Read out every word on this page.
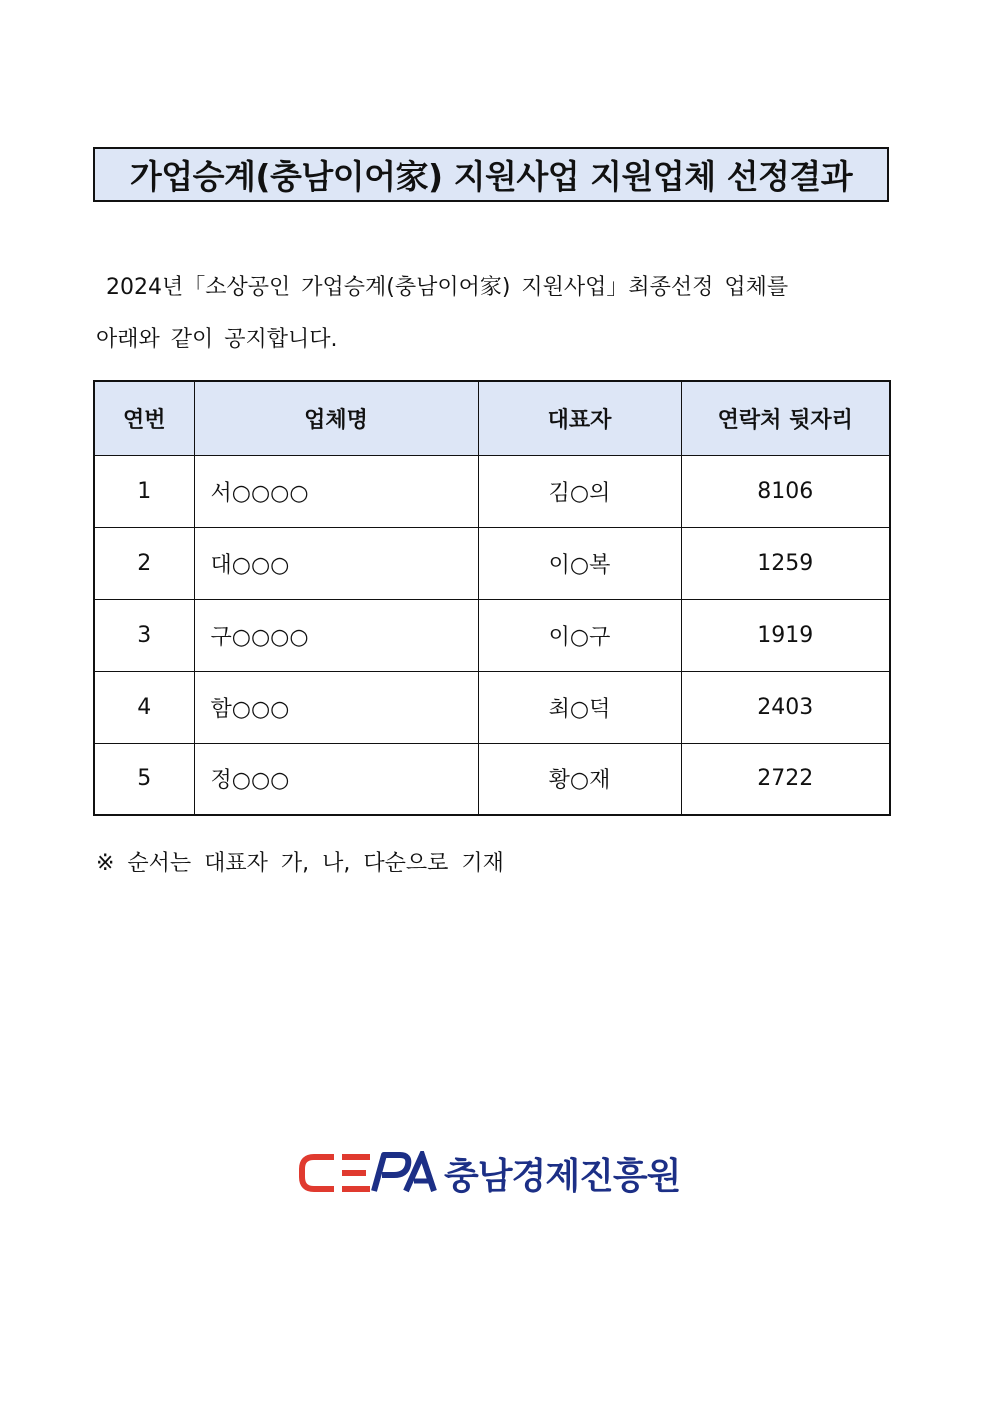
가업승계(충남이어家) 지원사업 지원업체 선정결과
2024년「소상공인 가업승계(충남이어家) 지원사업」최종선정 업체를
아래와 같이 공지합니다.
연번	업체명	대표자	연락처 뒷자리
1	서○○○○	김○의	8106
2	대○○○	이○복	1259
3	구○○○○	이○구	1919
4	함○○○	최○덕	2403
5	정○○○	황○재	2722
※ 순서는 대표자 가, 나, 다순으로 기재
CEPA
충남경제진흥원
